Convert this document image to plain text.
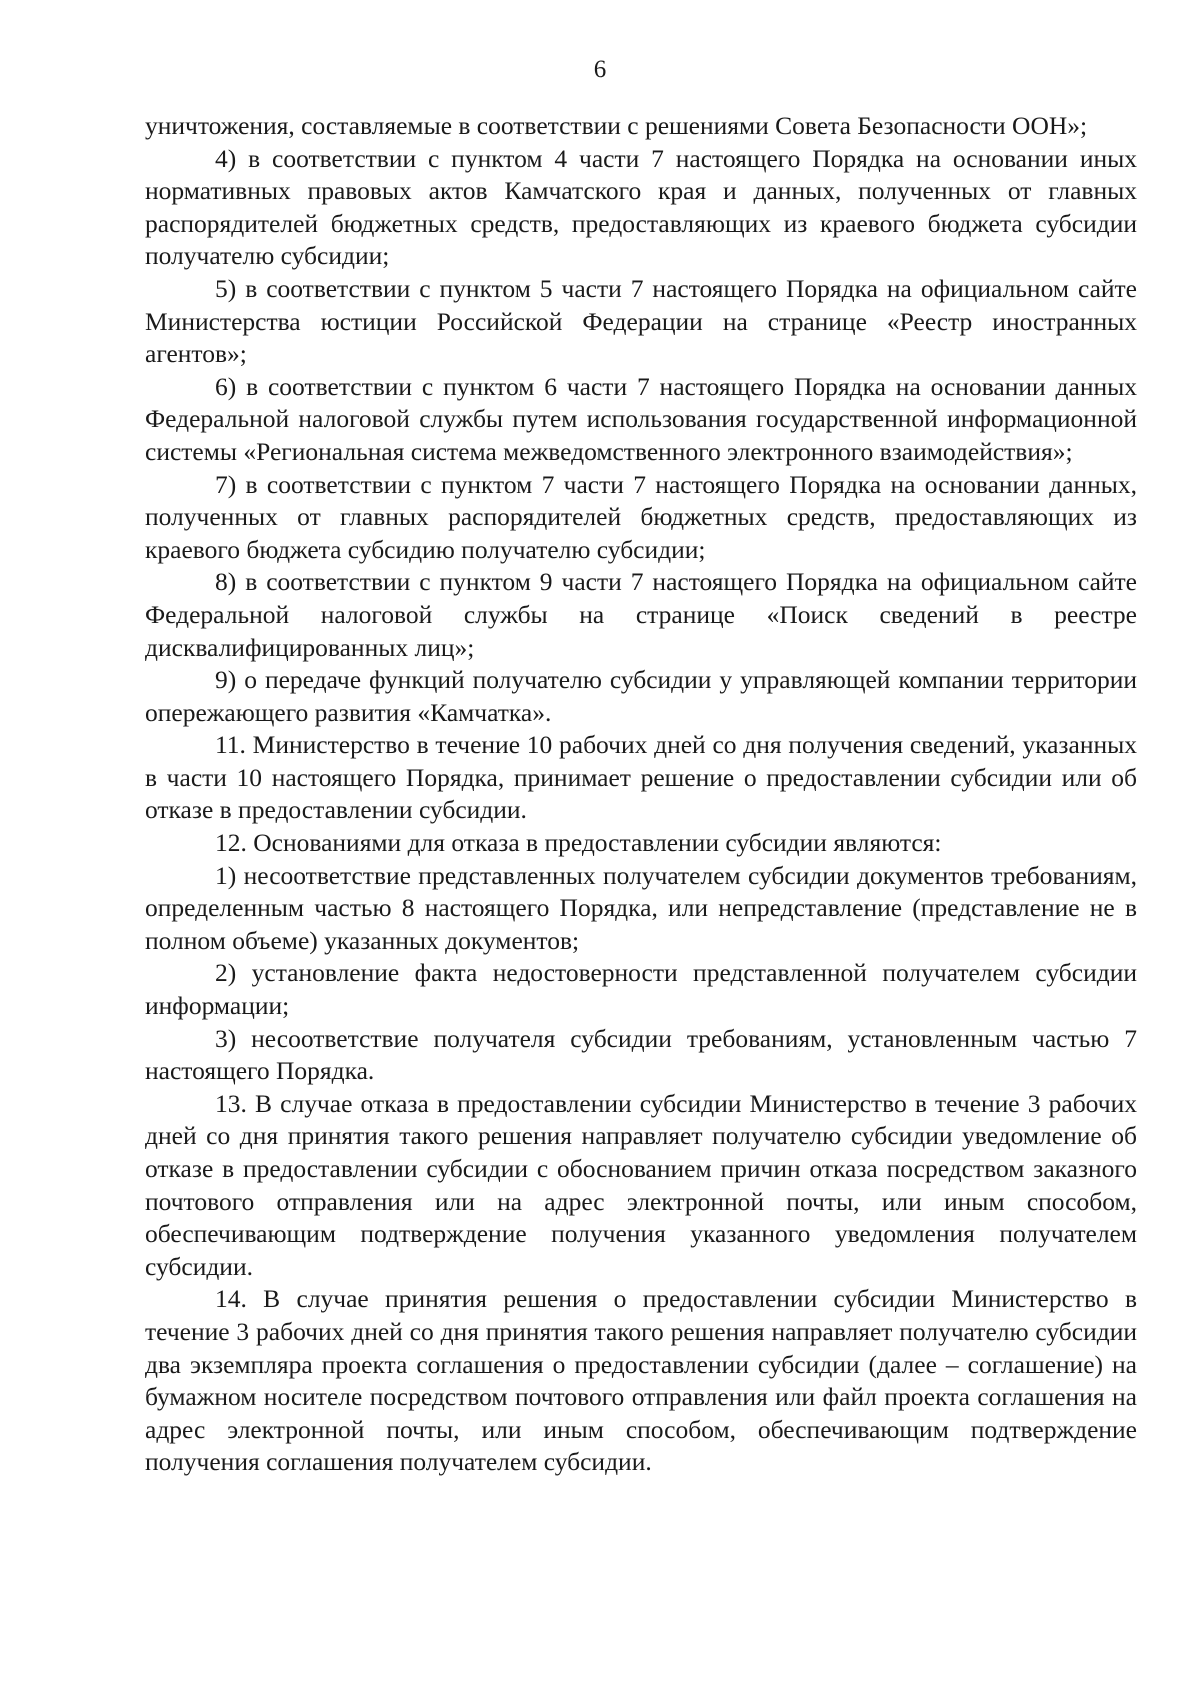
6

уничтожения, составляемые в соответствии с решениями Совета Безопасности ООН»;

4) в соответствии с пунктом 4 части 7 настоящего Порядка на основании иных нормативных правовых актов Камчатского края и данных, полученных от главных распорядителей бюджетных средств, предоставляющих из краевого бюджета субсидии получателю субсидии;

5) в соответствии с пунктом 5 части 7 настоящего Порядка на официальном сайте Министерства юстиции Российской Федерации на странице «Реестр иностранных агентов»;

6) в соответствии с пунктом 6 части 7 настоящего Порядка на основании данных Федеральной налоговой службы путем использования государственной информационной системы «Региональная система межведомственного электронного взаимодействия»;

7) в соответствии с пунктом 7 части 7 настоящего Порядка на основании данных, полученных от главных распорядителей бюджетных средств, предоставляющих из краевого бюджета субсидию получателю субсидии;

8) в соответствии с пунктом 9 части 7 настоящего Порядка на официальном сайте Федеральной налоговой службы на странице «Поиск сведений в реестре дисквалифицированных лиц»;

9) о передаче функций получателю субсидии у управляющей компании территории опережающего развития «Камчатка».

11. Министерство в течение 10 рабочих дней со дня получения сведений, указанных в части 10 настоящего Порядка, принимает решение о предоставлении субсидии или об отказе в предоставлении субсидии.

12. Основаниями для отказа в предоставлении субсидии являются:

1) несоответствие представленных получателем субсидии документов требованиям, определенным частью 8 настоящего Порядка, или непредставление (представление не в полном объеме) указанных документов;

2) установление факта недостоверности представленной получателем субсидии информации;

3) несоответствие получателя субсидии требованиям, установленным частью 7 настоящего Порядка.

13. В случае отказа в предоставлении субсидии Министерство в течение 3 рабочих дней со дня принятия такого решения направляет получателю субсидии уведомление об отказе в предоставлении субсидии с обоснованием причин отказа посредством заказного почтового отправления или на адрес электронной почты, или иным способом, обеспечивающим подтверждение получения указанного уведомления получателем субсидии.

14. В случае принятия решения о предоставлении субсидии Министерство в течение 3 рабочих дней со дня принятия такого решения направляет получателю субсидии два экземпляра проекта соглашения о предоставлении субсидии (далее – соглашение) на бумажном носителе посредством почтового отправления или файл проекта соглашения на адрес электронной почты, или иным способом, обеспечивающим подтверждение получения соглашения получателем субсидии.
